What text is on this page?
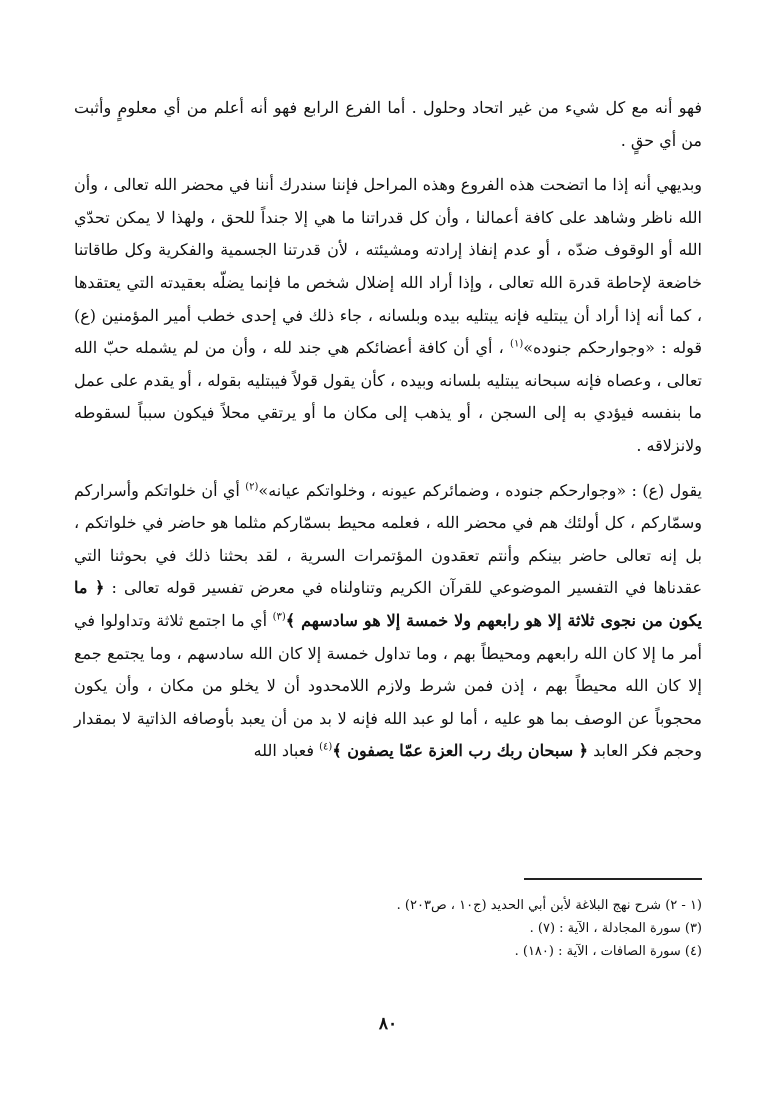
فهو أنه مع كل شيء من غير اتحاد وحلول . أما الفرع الرابع فهو أنه أعلم من أي معلومٍ وأثبت من أي حقٍ .

وبديهي أنه إذا ما اتضحت هذه الفروع وهذه المراحل فإننا سندرك أننا في محضر الله تعالى ، وأن الله ناظر وشاهد على كافة أعمالنا ، وأن كل قدراتنا ما هي إلا جنداً للحق ، ولهذا لا يمكن تحدّي الله أو الوقوف ضدّه ، أو عدم إنفاذ إرادته ومشيئته ، لأن قدرتنا الجسمية والفكرية وكل طاقاتنا خاضعة لإحاطة قدرة الله تعالى ، وإذا أراد الله إضلال شخص ما فإنما يضلّه بعقيدته التي يعتقدها ، كما أنه إذا أراد أن يبتليه فإنه يبتليه بيده وبلسانه ، جاء ذلك في إحدى خطب أمير المؤمنين (ع) قوله : «وجوارحكم جنوده»$^{(١)}$ ، أي أن كافة أعضائكم هي جند لله ، وأن من لم يشمله حبّ الله تعالى ، وعصاه فإنه سبحانه يبتليه بلسانه وبيده ، كأن يقول قولاً فيبتليه بقوله ، أو يقدم على عمل ما بنفسه فيؤدي به إلى السجن ، أو يذهب إلى مكان ما أو يرتقي محلاً فيكون سبباً لسقوطه ولانزلاقه .

يقول (ع) : «وجوارحكم جنوده ، وضمائركم عيونه ، وخلواتكم عيانه»$^{(٢)}$ أي أن خلواتكم وأسراركم وسمّاركم ، كل أولئك هم في محضر الله ، فعلمه محيط بسمّاركم مثلما هو حاضر في خلواتكم ، بل إنه تعالى حاضر بينكم وأنتم تعقدون المؤتمرات السرية ، لقد بحثنا ذلك في بحوثنا التي عقدناها في التفسير الموضوعي للقرآن الكريم وتناولناه في معرض تفسير قوله تعالى : ﴿ ما يكون من نجوى ثلاثة إلا هو رابعهم ولا خمسة إلا هو سادسهم ﴾$^{(٣)}$ أي ما اجتمع ثلاثة وتداولوا في أمر ما إلا كان الله رابعهم ومحيطاً بهم ، وما تداول خمسة إلا كان الله سادسهم ، وما يجتمع جمع إلا كان الله محيطاً بهم ، إذن فمن شرط ولازم اللامحدود أن لا يخلو من مكان ، وأن يكون محجوباً عن الوصف بما هو عليه ، أما لو عبد الله فإنه لا بد من أن يعبد بأوصافه الذاتية لا بمقدار وحجم فكر العابد ﴿ سبحان ربك رب العزة عمّا يصفون ﴾$^{(٤)}$ فعباد الله

(١ - ٢) شرح نهج البلاغة لأبن أبي الحديد (ج١٠ ، ص٢٠٣) .

(٣) سورة المجادلة ، الآية : (٧) .

(٤) سورة الصافات ، الآية : (١٨٠) .

٨٠
